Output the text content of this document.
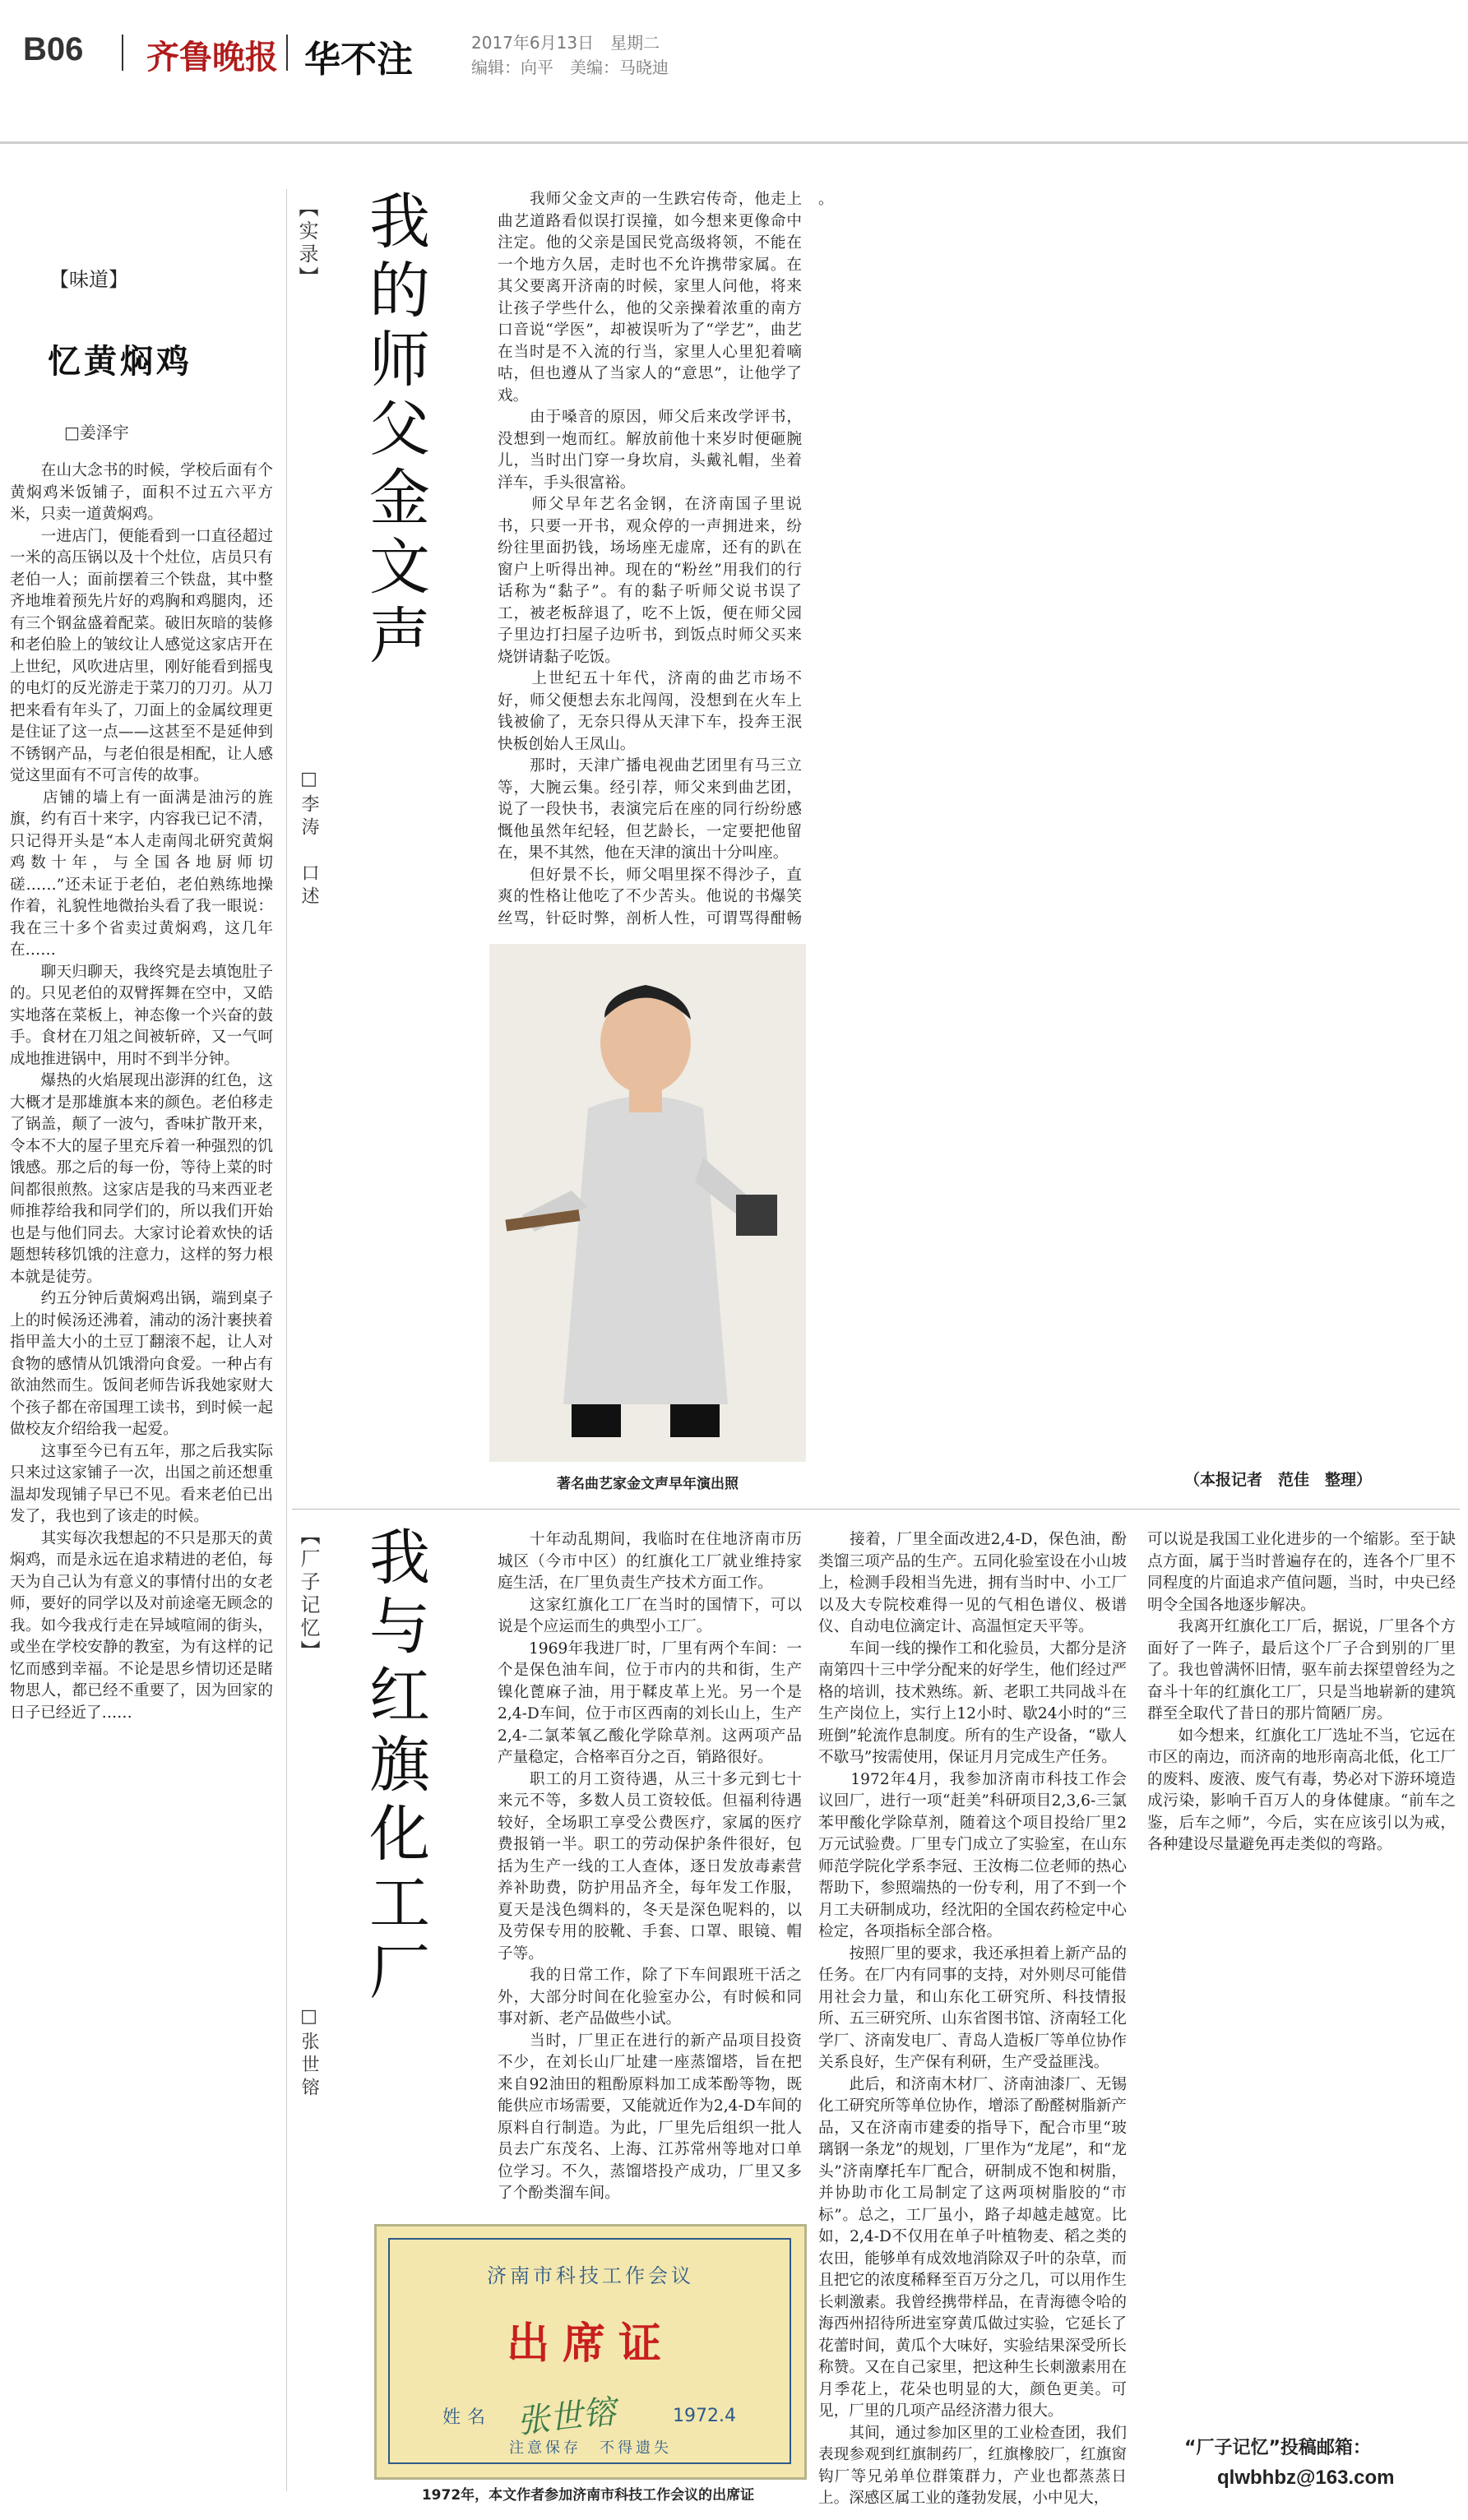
B06 齐鲁晚报 华不注	2017年6月13日　星期二
编辑：向平　美编：马晓迪
【味道】
忆黄焖鸡
□姜泽宇
　　在山大念书的时候，学校后面有个黄焖鸡米饭铺子，面积不过五六平方米，只卖一道黄焖鸡。
　　一进店门，便能看到一口直径超过一米的高压锅以及十个灶位，店员只有老伯一人；面前摆着三个铁盘，其中整齐地堆着预先片好的鸡胸和鸡腿肉，还有三个钢盆盛着配菜。破旧灰暗的装修和老伯脸上的皱纹让人感觉这家店开在上世纪，风吹进店里，刚好能看到摇曳的电灯的反光游走于菜刀的刀刃。从刀把来看有年头了，刀面上的金属纹理更是住证了这一点——这甚至不是延伸到不锈钢产品，与老伯很是相配，让人感觉这里面有不可言传的故事。
　　店铺的墙上有一面满是油污的旌旗，约有百十来字，内容我已记不清，只记得开头是“本人走南闯北研究黄焖鸡数十年，与全国各地厨师切磋……”还未证于老伯，老伯熟练地操作着，礼貌性地微抬头看了我一眼说：我在三十多个省卖过黄焖鸡，这几年在……
　　聊天归聊天，我终究是去填饱肚子的。只见老伯的双臂挥舞在空中，又皓实地落在菜板上，神态像一个兴奋的鼓手。食材在刀俎之间被斩碎，又一气呵成地推进锅中，用时不到半分钟。
　　爆热的火焰展现出澎湃的红色，这大概才是那雄旗本来的颜色。老伯移走了锅盖，颠了一波勺，香味扩散开来，令本不大的屋子里充斥着一种强烈的饥饿感。那之后的每一份，等待上菜的时间都很煎熬。这家店是我的马来西亚老师推荐给我和同学们的，所以我们开始也是与他们同去。大家讨论着欢快的话题想转移饥饿的注意力，这样的努力根本就是徒劳。
　　约五分钟后黄焖鸡出锅，端到桌子上的时候汤还沸着，浦动的汤汁裹挟着指甲盖大小的土豆丁翻滚不起，让人对食物的感情从饥饿滑向食爱。一种占有欲油然而生。饭间老师告诉我她家财大个孩子都在帝国理工读书，到时候一起做校友介绍给我一起爱。
　　这事至今已有五年，那之后我实际只来过这家铺子一次，出国之前还想重温却发现铺子早已不见。看来老伯已出发了，我也到了该走的时候。
　　其实每次我想起的不只是那天的黄焖鸡，而是永远在追求精进的老伯，每天为自己认为有意义的事情付出的女老师，要好的同学以及对前途毫无顾念的我。如今我戎行走在异域喧闹的街头，或坐在学校安静的教室，为有这样的记忆而感到幸福。不论是思乡情切还是睹物思人，都已经不重要了，因为回家的日子已经近了……
【实录】 我的师父金文声
□李涛　口述
　　我师父金文声的一生跌宕传奇，他走上曲艺道路看似误打误撞，如今想来更像命中注定。他的父亲是国民党高级将领，不能在一个地方久居，走时也不允许携带家属。在其父要离开济南的时候，家里人问他，将来让孩子学些什么，他的父亲操着浓重的南方口音说“学医”，却被误听为了“学艺”，曲艺在当时是不入流的行当，家里人心里犯着嘀咕，但也遵从了当家人的“意思”，让他学了戏。
　　由于嗓音的原因，师父后来改学评书，没想到一炮而红。解放前他十来岁时便砸腕儿，当时出门穿一身坎肩，头戴礼帽，坐着洋车，手头很富裕。
　　师父早年艺名金钢，在济南国子里说书，只要一开书，观众停的一声拥进来，纷纷往里面扔钱，场场座无虚席，还有的趴在窗户上听得出神。现在的“粉丝”用我们的行话称为“黏子”。有的黏子听师父说书误了工，被老板辞退了，吃不上饭，便在师父园子里边打扫屋子边听书，到饭点时师父买来烧饼请黏子吃饭。
　　上世纪五十年代，济南的曲艺市场不好，师父便想去东北闯闯，没想到在火车上钱被偷了，无奈只得从天津下车，投奔王泯快板创始人王凤山。
　　那时，天津广播电视曲艺团里有马三立等，大腕云集。经引荐，师父来到曲艺团，说了一段快书，表演完后在座的同行纷纷感慨他虽然年纪轻，但艺龄长，一定要把他留在，果不其然，他在天津的演出十分叫座。
　　但好景不长，师父唱里探不得沙子，直爽的性格让他吃了不少苦头。他说的书爆笑丝骂，针砭时弊，剖析人性，可谓骂得酣畅

著名曲艺家金文声早年演出照
。
（本报记者　范佳　整理）
【厂子记忆】 我与红旗化工厂
□张世镕
　　十年动乱期间，我临时在住地济南市历城区（今市中区）的红旗化工厂就业维持家庭生活，在厂里负责生产技术方面工作。
　　这家红旗化工厂在当时的国情下，可以说是个应运而生的典型小工厂。
　　1969年我进厂时，厂里有两个车间：一个是保色油车间，位于市内的共和街，生产镍化蓖麻子油，用于鞣皮革上光。另一个是2,4-D车间，位于市区西南的刘长山上，生产2,4-二氯苯氧乙酸化学除草剂。这两项产品产量稳定，合格率百分之百，销路很好。
　　职工的月工资待遇，从三十多元到七十来元不等，多数人员工资较低。但福利待遇较好，全场职工享受公费医疗，家属的医疗费报销一半。职工的劳动保护条件很好，包括为生产一线的工人查体，逐日发放毒素营养补助费，防护用品齐全，每年发工作服，夏天是浅色绸料的，冬天是深色呢料的，以及劳保专用的胶靴、手套、口罩、眼镜、帽子等。
　　我的日常工作，除了下车间跟班干活之外，大部分时间在化验室办公，有时候和同事对新、老产品做些小试。
　　当时，厂里正在进行的新产品项目投资不少，在刘长山厂址建一座蒸馏塔，旨在把来自92油田的粗酚原料加工成苯酚等物，既能供应市场需要，又能就近作为2,4-D车间的原料自行制造。为此，厂里先后组织一批人员去广东茂名、上海、江苏常州等地对口单位学习。不久，蒸馏塔投产成功，厂里又多了个酚类溜车间。

　　接着，厂里全面改进2,4-D，保色油，酚类馏三项产品的生产。五同化验室设在小山坡上，检测手段相当先进，拥有当时中、小工厂以及大专院校难得一见的气相色谱仪、极谱仪、自动电位滴定计、高温恒定天平等。
　　车间一线的操作工和化验员，大都分是济南第四十三中学分配来的好学生，他们经过严格的培训，技术熟练。新、老职工共同战斗在生产岗位上，实行上12小时、歇24小时的“三班倒”轮流作息制度。所有的生产设备，“歇人不歇马”按需使用，保证月月完成生产任务。
　　1972年4月，我参加济南市科技工作会议回厂，进行一项“赶美”科研项目2,3,6-三氯苯甲酸化学除草剂，随着这个项目投给厂里2万元试验费。厂里专门成立了实验室，在山东师范学院化学系李冠、王汝梅二位老师的热心帮助下，参照端热的一份专利，用了不到一个月工夫研制成功，经沈阳的全国农药检定中心检定，各项指标全部合格。
　　按照厂里的要求，我还承担着上新产品的任务。在厂内有同事的支持，对外则尽可能借用社会力量，和山东化工研究所、科技情报所、五三研究所、山东省图书馆、济南轻工化学厂、济南发电厂、青岛人造板厂等单位协作关系良好，生产保有利研，生产受益匪浅。
　　此后，和济南木材厂、济南油漆厂、无锡化工研究所等单位协作，增添了酚醛树脂新产品，又在济南市建委的指导下，配合市里“玻璃钢一条龙”的规划，厂里作为“龙尾”，和“龙头”济南摩托车厂配合，研制成不饱和树脂，并协助市化工局制定了这两项树脂胶的“市标”。总之，工厂虽小，路子却越走越宽。比如，2,4-D不仅用在单子叶植物麦、稻之类的农田，能够单有成效地消除双子叶的杂草，而且把它的浓度稀释至百万分之几，可以用作生长刺激素。我曾经携带样品，在青海德令哈的海西州招待所进室穿黄瓜做过实验，它延长了花蕾时间，黄瓜个大味好，实验结果深受所长称赞。又在自己家里，把这种生长刺激素用在月季花上，花朵也明显的大，颜色更美。可见，厂里的几项产品经济潜力很大。
　　其间，通过参加区里的工业检查团，我们表现参观到红旗制药厂，红旗橡胶厂，红旗窗钩厂等兄弟单位群策群力，产业也都蒸蒸日上。深感区属工业的蓬勃发展，小中见大，
可以说是我国工业化进步的一个缩影。至于缺点方面，属于当时普遍存在的，连各个厂里不同程度的片面追求产值问题，当时，中央已经明令全国各地逐步解决。
　　我离开红旗化工厂后，据说，厂里各个方面好了一阵子，最后这个厂子合到别的厂里了。我也曾满怀旧情，驱车前去探望曾经为之奋斗十年的红旗化工厂，只是当地崭新的建筑群至全取代了昔日的那片简陋厂房。
　　如今想来，红旗化工厂选址不当，它远在市区的南边，而济南的地形南高北低，化工厂的废料、废液、废气有毒，势必对下游环境造成污染，影响千百万人的身体健康。“前车之鉴，后车之师”，今后，实在应该引以为戒，各种建设尽量避免再走类似的弯路。
济南市科技工作会议
出席证
姓名 张世镕	1972.4
注意保存　不得遗失
1972年，本文作者参加济南市科技工作会议的出席证
“厂子记忆”投稿邮箱：
qlwbhbz@163.com
